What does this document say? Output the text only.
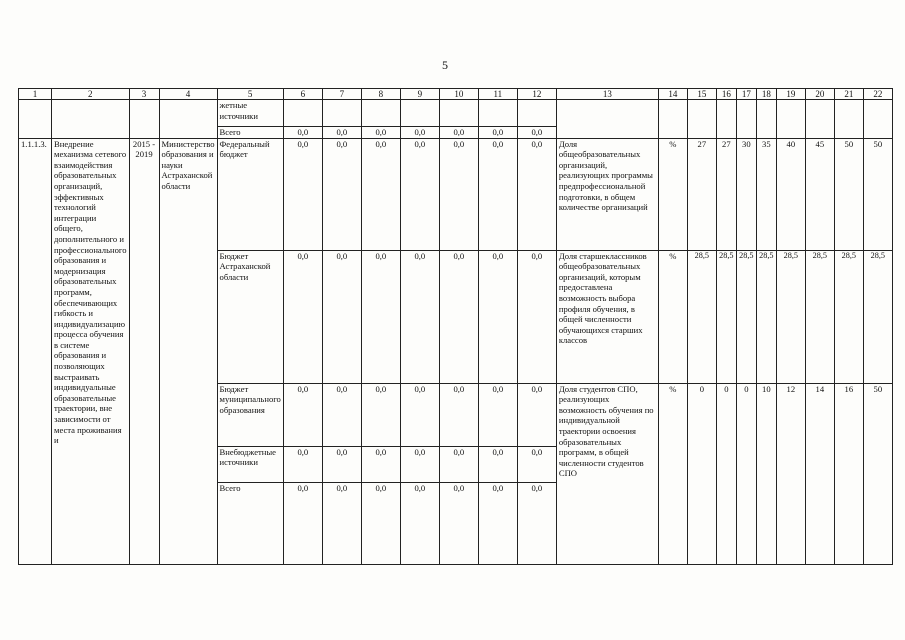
5
1	2	3	4	5	6	7	8	9	10	11	12	13	14	15	16	17	18	19	20	21	22
				жетные источники																	
				Всего	0,0	0,0	0,0	0,0	0,0	0,0	0,0										
1.1.1.3.	Внедрение механизма сетевого взаимодействия образовательных организаций, эффективных технологий интеграции общего, дополнительного и профессионального образования и модернизация образовательных программ, обеспечивающих гибкость и индивидуализацию процесса обучения в системе образования и позволяющих выстраивать индивидуальные образовательные траектории, вне зависимости от места проживания и	2015 - 2019	Министерство образования и науки Астраханской области	Федеральный бюджет	0,0	0,0	0,0	0,0	0,0	0,0	0,0	Доля общеобразовательных организаций, реализующих программы предпрофессиональной подготовки, в общем количестве организаций	%	27	27	30	35	40	45	50	50
				Бюджет Астраханской области	0,0	0,0	0,0	0,0	0,0	0,0	0,0	Доля старшеклассников общеобразовательных организаций, которым предоставлена возможность выбора профиля обучения, в общей численности обучающихся старших классов	%	28,5	28,5	28,5	28,5	28,5	28,5	28,5	28,5
				Бюджет муниципального образования	0,0	0,0	0,0	0,0	0,0	0,0	0,0	Доля студентов СПО, реализующих возможность обучения по индивидуальной траектории освоения образовательных программ, в общей численности студентов СПО	%	0	0	0	10	12	14	16	50
				Внебюджетные источники	0,0	0,0	0,0	0,0	0,0	0,0	0,0										
				Всего	0,0	0,0	0,0	0,0	0,0	0,0	0,0										
